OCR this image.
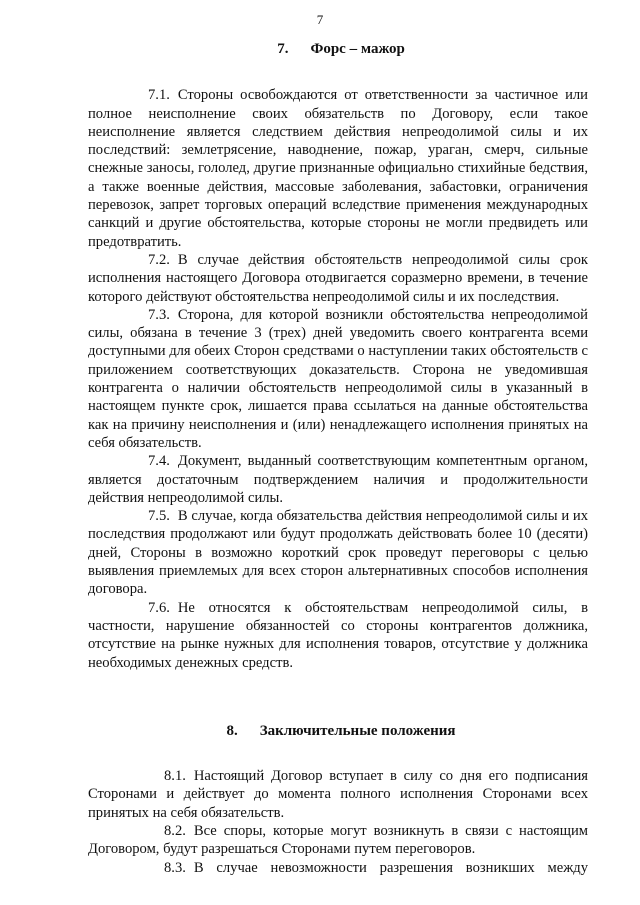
7
7. Форс – мажор

7.1. Стороны освобождаются от ответственности за частичное или полное неисполнение своих обязательств по Договору, если такое неисполнение является следствием действия непреодолимой силы и их последствий: землетрясение, наводнение, пожар, ураган, смерч, сильные снежные заносы, гололед, другие признанные официально стихийные бедствия, а также военные действия, массовые заболевания, забастовки, ограничения перевозок, запрет торговых операций вследствие применения международных санкций и другие обстоятельства, которые стороны не могли предвидеть или предотвратить.

7.2. В случае действия обстоятельств непреодолимой силы срок исполнения настоящего Договора отодвигается соразмерно времени, в течение которого действуют обстоятельства непреодолимой силы и их последствия.

7.3. Сторона, для которой возникли обстоятельства непреодолимой силы, обязана в течение 3 (трех) дней уведомить своего контрагента всеми доступными для обеих Сторон средствами о наступлении таких обстоятельств с приложением соответствующих доказательств. Сторона не уведомившая контрагента о наличии обстоятельств непреодолимой силы в указанный в настоящем пункте срок, лишается права ссылаться на данные обстоятельства как на причину неисполнения и (или) ненадлежащего исполнения принятых на себя обязательств.

7.4. Документ, выданный соответствующим компетентным органом, является достаточным подтверждением наличия и продолжительности действия непреодолимой силы.

7.5. В случае, когда обязательства действия непреодолимой силы и их последствия продолжают или будут продолжать действовать более 10 (десяти) дней, Стороны в возможно короткий срок проведут переговоры с целью выявления приемлемых для всех сторон альтернативных способов исполнения договора.

7.6. Не относятся к обстоятельствам непреодолимой силы, в частности, нарушение обязанностей со стороны контрагентов должника, отсутствие на рынке нужных для исполнения товаров, отсутствие у должника необходимых денежных средств.

8. Заключительные положения

8.1. Настоящий Договор вступает в силу со дня его подписания Сторонами и действует до момента полного исполнения Сторонами всех принятых на себя обязательств.

8.2. Все споры, которые могут возникнуть в связи с настоящим Договором, будут разрешаться Сторонами путем переговоров.

8.3. В случае невозможности разрешения возникших между
